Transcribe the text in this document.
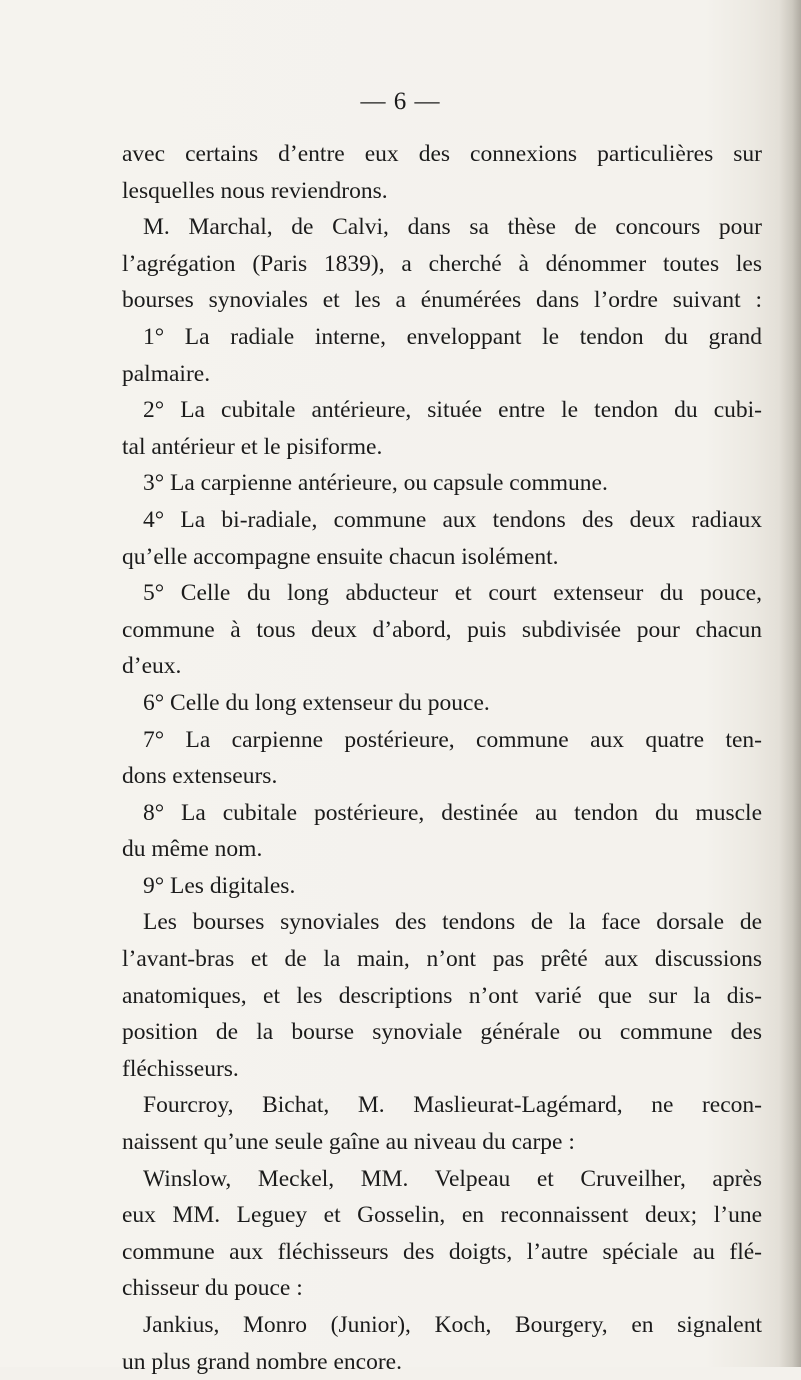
— 6 —
avec certains d’entre eux des connexions particulières sur
lesquelles nous reviendrons.
M. Marchal, de Calvi, dans sa thèse de concours pour
l’agrégation (Paris 1839), a cherché à dénommer toutes les
bourses synoviales et les a énumérées dans l’ordre suivant :
1° La radiale interne, enveloppant le tendon du grand
palmaire.
2° La cubitale antérieure, située entre le tendon du cubi-
tal antérieur et le pisiforme.
3° La carpienne antérieure, ou capsule commune.
4° La bi-radiale, commune aux tendons des deux radiaux
qu’elle accompagne ensuite chacun isolément.
5° Celle du long abducteur et court extenseur du pouce,
commune à tous deux d’abord, puis subdivisée pour chacun
d’eux.
6° Celle du long extenseur du pouce.
7° La carpienne postérieure, commune aux quatre ten-
dons extenseurs.
8° La cubitale postérieure, destinée au tendon du muscle
du même nom.
9° Les digitales.
Les bourses synoviales des tendons de la face dorsale de
l’avant-bras et de la main, n’ont pas prêté aux discussions
anatomiques, et les descriptions n’ont varié que sur la dis-
position de la bourse synoviale générale ou commune des
fléchisseurs.
Fourcroy, Bichat, M. Maslieurat-Lagémard, ne recon-
naissent qu’une seule gaîne au niveau du carpe :
Winslow, Meckel, MM. Velpeau et Cruveilher, après
eux MM. Leguey et Gosselin, en reconnaissent deux; l’une
commune aux fléchisseurs des doigts, l’autre spéciale au flé-
chisseur du pouce :
Jankius, Monro (Junior), Koch, Bourgery, en signalent
un plus grand nombre encore.
